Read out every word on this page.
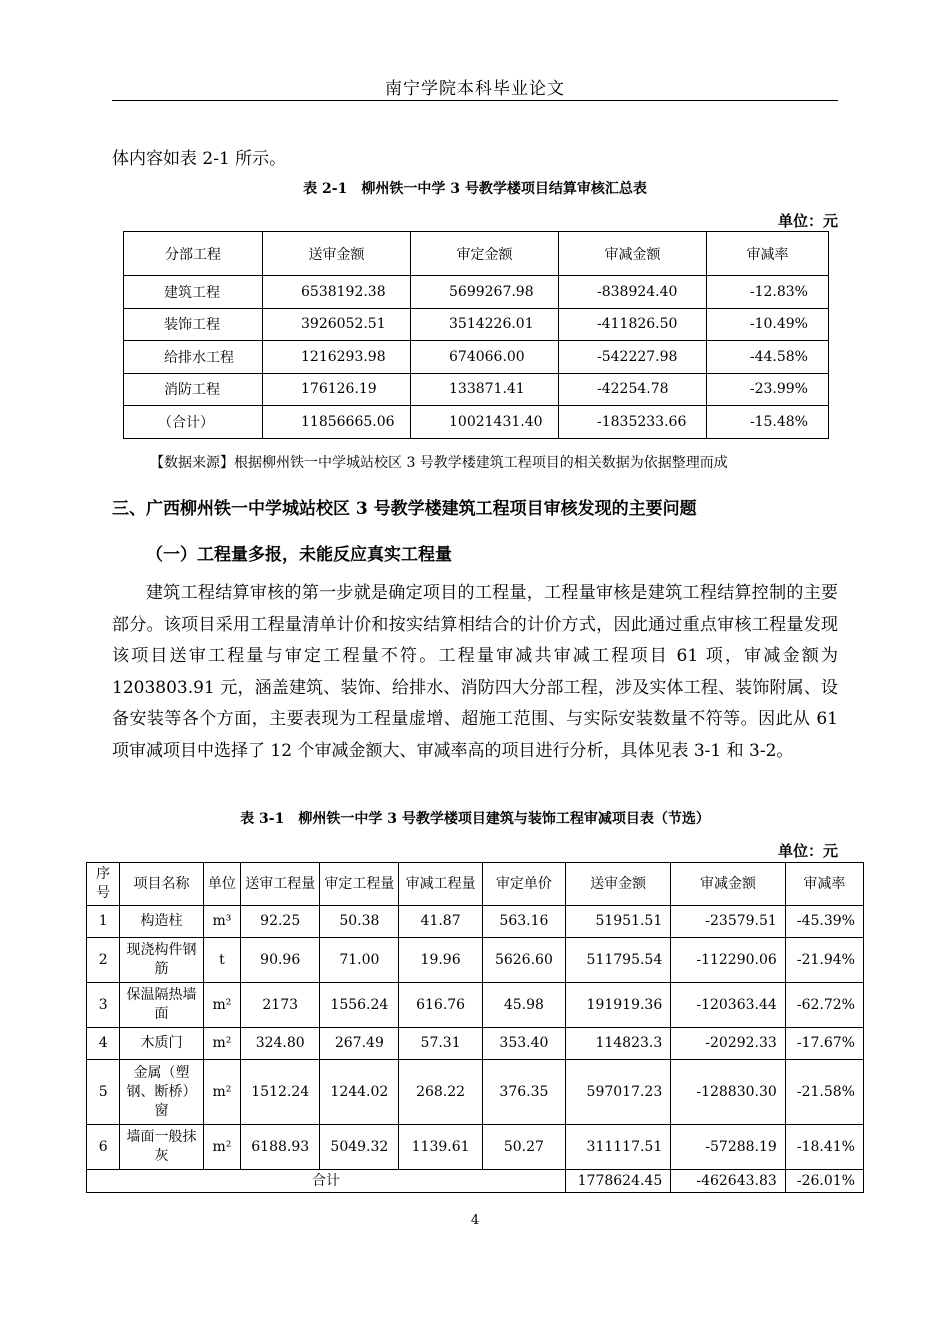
南宁学院本科毕业论文
体内容如表 2-1 所示。
表 2-1　柳州铁一中学 3 号教学楼项目结算审核汇总表
单位：元
分部工程	送审金额	审定金额	审减金额	审减率
建筑工程	6538192.38	5699267.98	-838924.40	-12.83%
装饰工程	3926052.51	3514226.01	-411826.50	-10.49%
给排水工程	1216293.98	674066.00	-542227.98	-44.58%
消防工程	176126.19	133871.41	-42254.78	-23.99%
（合计）	11856665.06	10021431.40	-1835233.66	-15.48%
【数据来源】根据柳州铁一中学城站校区 3 号教学楼建筑工程项目的相关数据为依据整理而成
三、广西柳州铁一中学城站校区 3 号教学楼建筑工程项目审核发现的主要问题
（一）工程量多报，未能反应真实工程量
建筑工程结算审核的第一步就是确定项目的工程量，工程量审核是建筑工程结算控制的主要部分。该项目采用工程量清单计价和按实结算相结合的计价方式，因此通过重点审核工程量发现该项目送审工程量与审定工程量不符。工程量审减共审减工程项目 61 项，审减金额为 1203803.91 元，涵盖建筑、装饰、给排水、消防四大分部工程，涉及实体工程、装饰附属、设备安装等各个方面，主要表现为工程量虚增、超施工范围、与实际安装数量不符等。因此从 61 项审减项目中选择了 12 个审减金额大、审减率高的项目进行分析，具体见表 3-1 和 3-2。
表 3-1　柳州铁一中学 3 号教学楼项目建筑与装饰工程审减项目表（节选）
单位：元
序号	项目名称	单位	送审工程量	审定工程量	审减工程量	审定单价	送审金额	审减金额	审减率
1	构造柱	m³	92.25	50.38	41.87	563.16	51951.51	-23579.51	-45.39%
2	现浇构件钢筋	t	90.96	71.00	19.96	5626.60	511795.54	-112290.06	-21.94%
3	保温隔热墙面	m²	2173	1556.24	616.76	45.98	191919.36	-120363.44	-62.72%
4	木质门	m²	324.80	267.49	57.31	353.40	114823.3	-20292.33	-17.67%
5	金属（塑钢、断桥）窗	m²	1512.24	1244.02	268.22	376.35	597017.23	-128830.30	-21.58%
6	墙面一般抹灰	m²	6188.93	5049.32	1139.61	50.27	311117.51	-57288.19	-18.41%
合计							1778624.45	-462643.83	-26.01%
4
